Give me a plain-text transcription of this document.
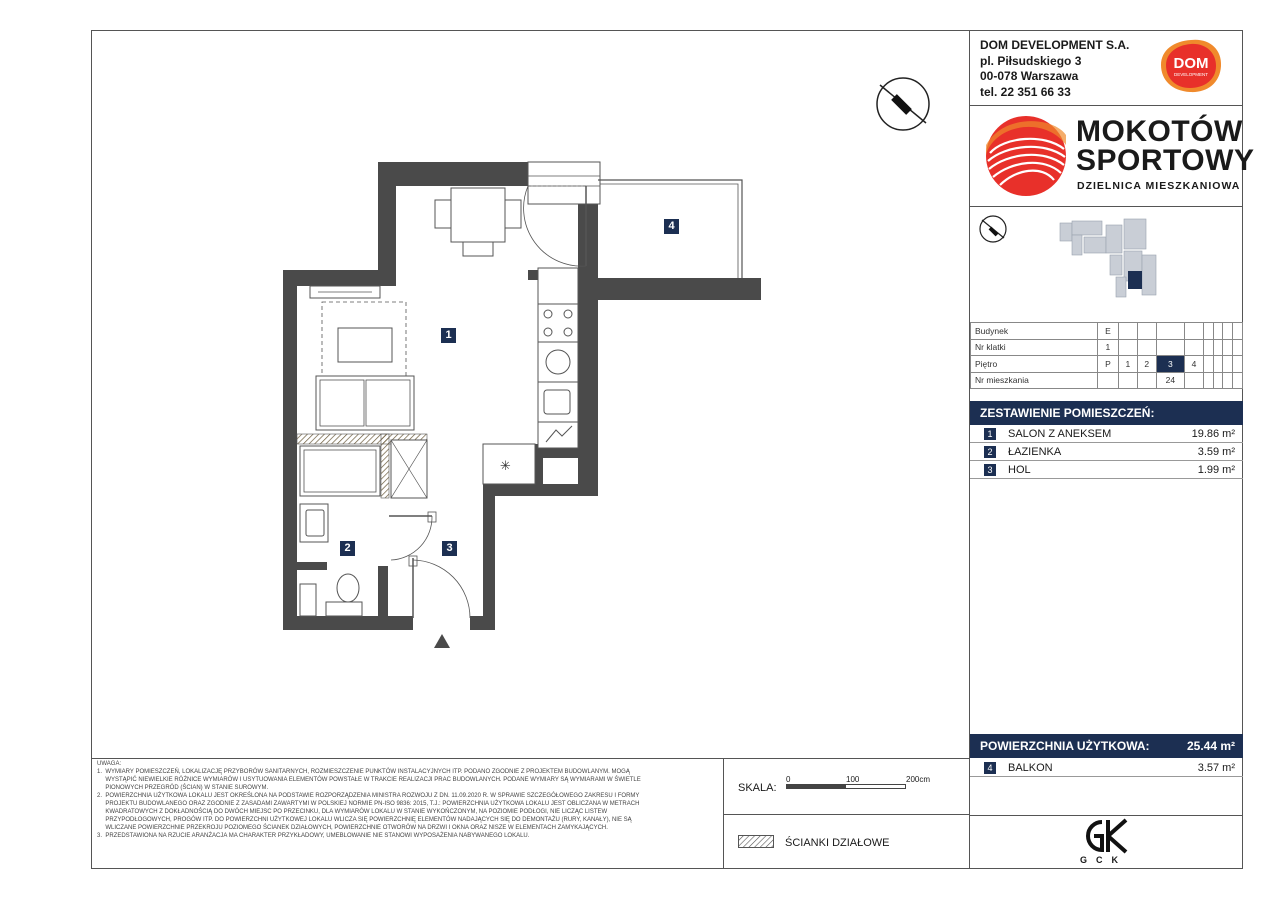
DOM DEVELOPMENT S.A.
pl. Piłsudskiego 3
00-078 Warszawa
tel. 22 351 66 33
DOM
DEVELOPMENT
MOKOTÓW
SPORTOWY
DZIELNICA MIESZKANIOWA
Budynek	E								
Nr klatki	1								
Piętro	P	1	2	3	4				
Nr mieszkania				24					
ZESTAWIENIE POMIESZCZEŃ:
1	SALON Z ANEKSEM	19.86 m²
2	ŁAZIENKA	3.59 m²
3	HOL	1.99 m²
POWIERZCHNIA UŻYTKOWA:	25.44 m²
4	BALKON	3.57 m²
✳
1
2	3
4
UWAGA:
1.  WYMIARY POMIESZCZEŃ, LOKALIZACJĘ PRZYBORÓW SANITARNYCH, ROZMIESZCZENIE PUNKTÓW INSTALACYJNYCH ITP. PODANO ZGODNIE Z PROJEKTEM BUDOWLANYM. MOGĄ
WYSTĄPIĆ NIEWIELKIE RÓŻNICE WYMIARÓW I USYTUOWANIA ELEMENTÓW POWSTAŁE W TRAKCIE REALIZACJI PRAC BUDOWLANYCH. PODANE WYMIARY SĄ WYMIARAMI W ŚWIETLE
PIONOWYCH PRZEGRÓD (ŚCIAN) W STANIE SUROWYM.
2.  POWIERZCHNIA UŻYTKOWA LOKALU JEST OKREŚLONA NA PODSTAWIE ROZPORZĄDZENIA MINISTRA ROZWOJU Z DN. 11.09.2020 R. W SPRAWIE SZCZEGÓŁOWEGO ZAKRESU I FORMY
PROJEKTU BUDOWLANEGO ORAZ ZGODNIE Z ZASADAMI ZAWARTYMI W POLSKIEJ NORMIE PN-ISO 9836: 2015, T.J.: POWIERZCHNIA UŻYTKOWA LOKALU JEST OBLICZANA W METRACH
KWADRATOWYCH Z DOKŁADNOŚCIĄ DO DWÓCH MIEJSC PO PRZECINKU, DLA WYMIARÓW LOKALU W STANIE WYKOŃCZONYM, NA POZIOMIE PODŁOGI, NIE LICZĄC LISTEW
PRZYPODŁOGOWYCH, PROGÓW ITP. DO POWIERZCHNI UŻYTKOWEJ LOKALU WLICZA SIĘ POWIERZCHNIĘ ELEMENTÓW NADAJĄCYCH SIĘ DO DEMONTAŻU (RURY, KANAŁY), NIE SĄ
WLICZANE POWIERZCHNIE PRZEKROJU POZIOMEGO ŚCIANEK DZIAŁOWYCH, POWIERZCHNIE OTWORÓW NA DRZWI I OKNA ORAZ NISZE W ELEMENTACH ZAMYKAJĄCYCH.
3.  PRZEDSTAWIONA NA RZUCIE ARANŻACJA MA CHARAKTER PRZYKŁADOWY, UMEBLOWANIE NIE STANOWI WYPOSAŻENIA NABYWANEGO LOKALU.
SKALA:
0	100	200cm
ŚCIANKI DZIAŁOWE
GCK
